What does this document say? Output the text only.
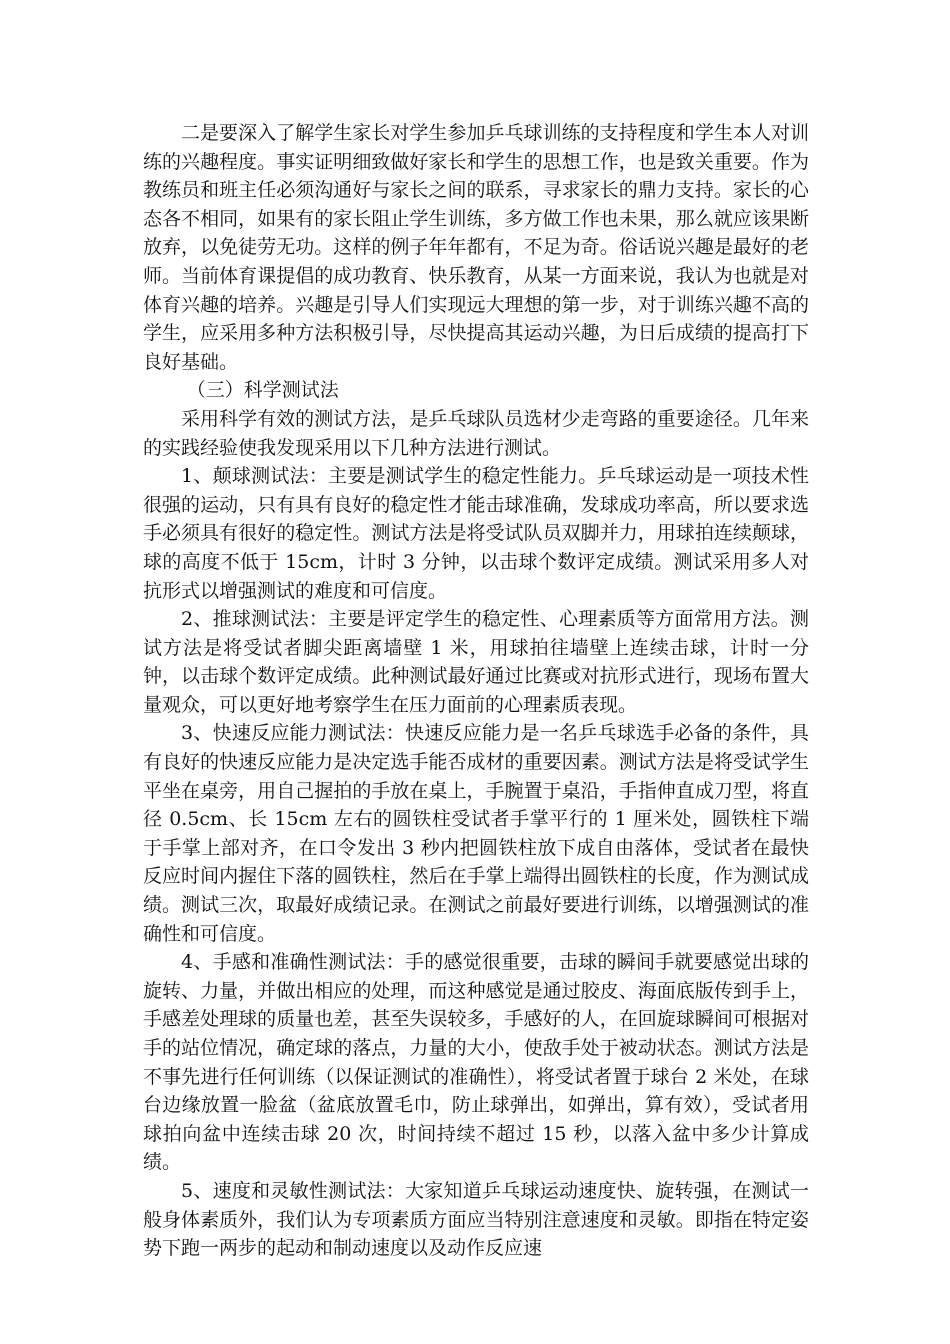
二是要深入了解学生家长对学生参加乒乓球训练的支持程度和学生本人对训练的兴趣程度。事实证明细致做好家长和学生的思想工作，也是致关重要。作为教练员和班主任必须沟通好与家长之间的联系，寻求家长的鼎力支持。家长的心态各不相同，如果有的家长阻止学生训练，多方做工作也未果，那么就应该果断放弃，以免徒劳无功。这样的例子年年都有，不足为奇。俗话说兴趣是最好的老师。当前体育课提倡的成功教育、快乐教育，从某一方面来说，我认为也就是对体育兴趣的培养。兴趣是引导人们实现远大理想的第一步，对于训练兴趣不高的学生，应采用多种方法积极引导，尽快提高其运动兴趣，为日后成绩的提高打下良好基础。

（三）科学测试法

采用科学有效的测试方法，是乒乓球队员选材少走弯路的重要途径。几年来的实践经验使我发现采用以下几种方法进行测试。

1、颠球测试法：主要是测试学生的稳定性能力。乒乓球运动是一项技术性很强的运动，只有具有良好的稳定性才能击球准确，发球成功率高，所以要求选手必须具有很好的稳定性。测试方法是将受试队员双脚并力，用球拍连续颠球，球的高度不低于 15cm，计时 3 分钟，以击球个数评定成绩。测试采用多人对抗形式以增强测试的难度和可信度。

2、推球测试法：主要是评定学生的稳定性、心理素质等方面常用方法。测试方法是将受试者脚尖距离墙壁 1 米，用球拍往墙壁上连续击球，计时一分钟，以击球个数评定成绩。此种测试最好通过比赛或对抗形式进行，现场布置大量观众，可以更好地考察学生在压力面前的心理素质表现。

3、快速反应能力测试法：快速反应能力是一名乒乓球选手必备的条件，具有良好的快速反应能力是决定选手能否成材的重要因素。测试方法是将受试学生平坐在桌旁，用自己握拍的手放在桌上，手腕置于桌沿，手指伸直成刀型，将直径 0.5cm、长 15cm 左右的圆铁柱受试者手掌平行的 1 厘米处，圆铁柱下端于手掌上部对齐，在口令发出 3 秒内把圆铁柱放下成自由落体，受试者在最快反应时间内握住下落的圆铁柱，然后在手掌上端得出圆铁柱的长度，作为测试成绩。测试三次，取最好成绩记录。在测试之前最好要进行训练，以增强测试的准确性和可信度。

4、手感和准确性测试法：手的感觉很重要，击球的瞬间手就要感觉出球的旋转、力量，并做出相应的处理，而这种感觉是通过胶皮、海面底版传到手上，手感差处理球的质量也差，甚至失误较多，手感好的人，在回旋球瞬间可根据对手的站位情况，确定球的落点，力量的大小，使敌手处于被动状态。测试方法是不事先进行任何训练（以保证测试的准确性），将受试者置于球台 2 米处，在球台边缘放置一脸盆（盆底放置毛巾，防止球弹出，如弹出，算有效），受试者用球拍向盆中连续击球 20 次，时间持续不超过 15 秒，以落入盆中多少计算成绩。

5、速度和灵敏性测试法：大家知道乒乓球运动速度快、旋转强，在测试一般身体素质外，我们认为专项素质方面应当特别注意速度和灵敏。即指在特定姿势下跑一两步的起动和制动速度以及动作反应速
